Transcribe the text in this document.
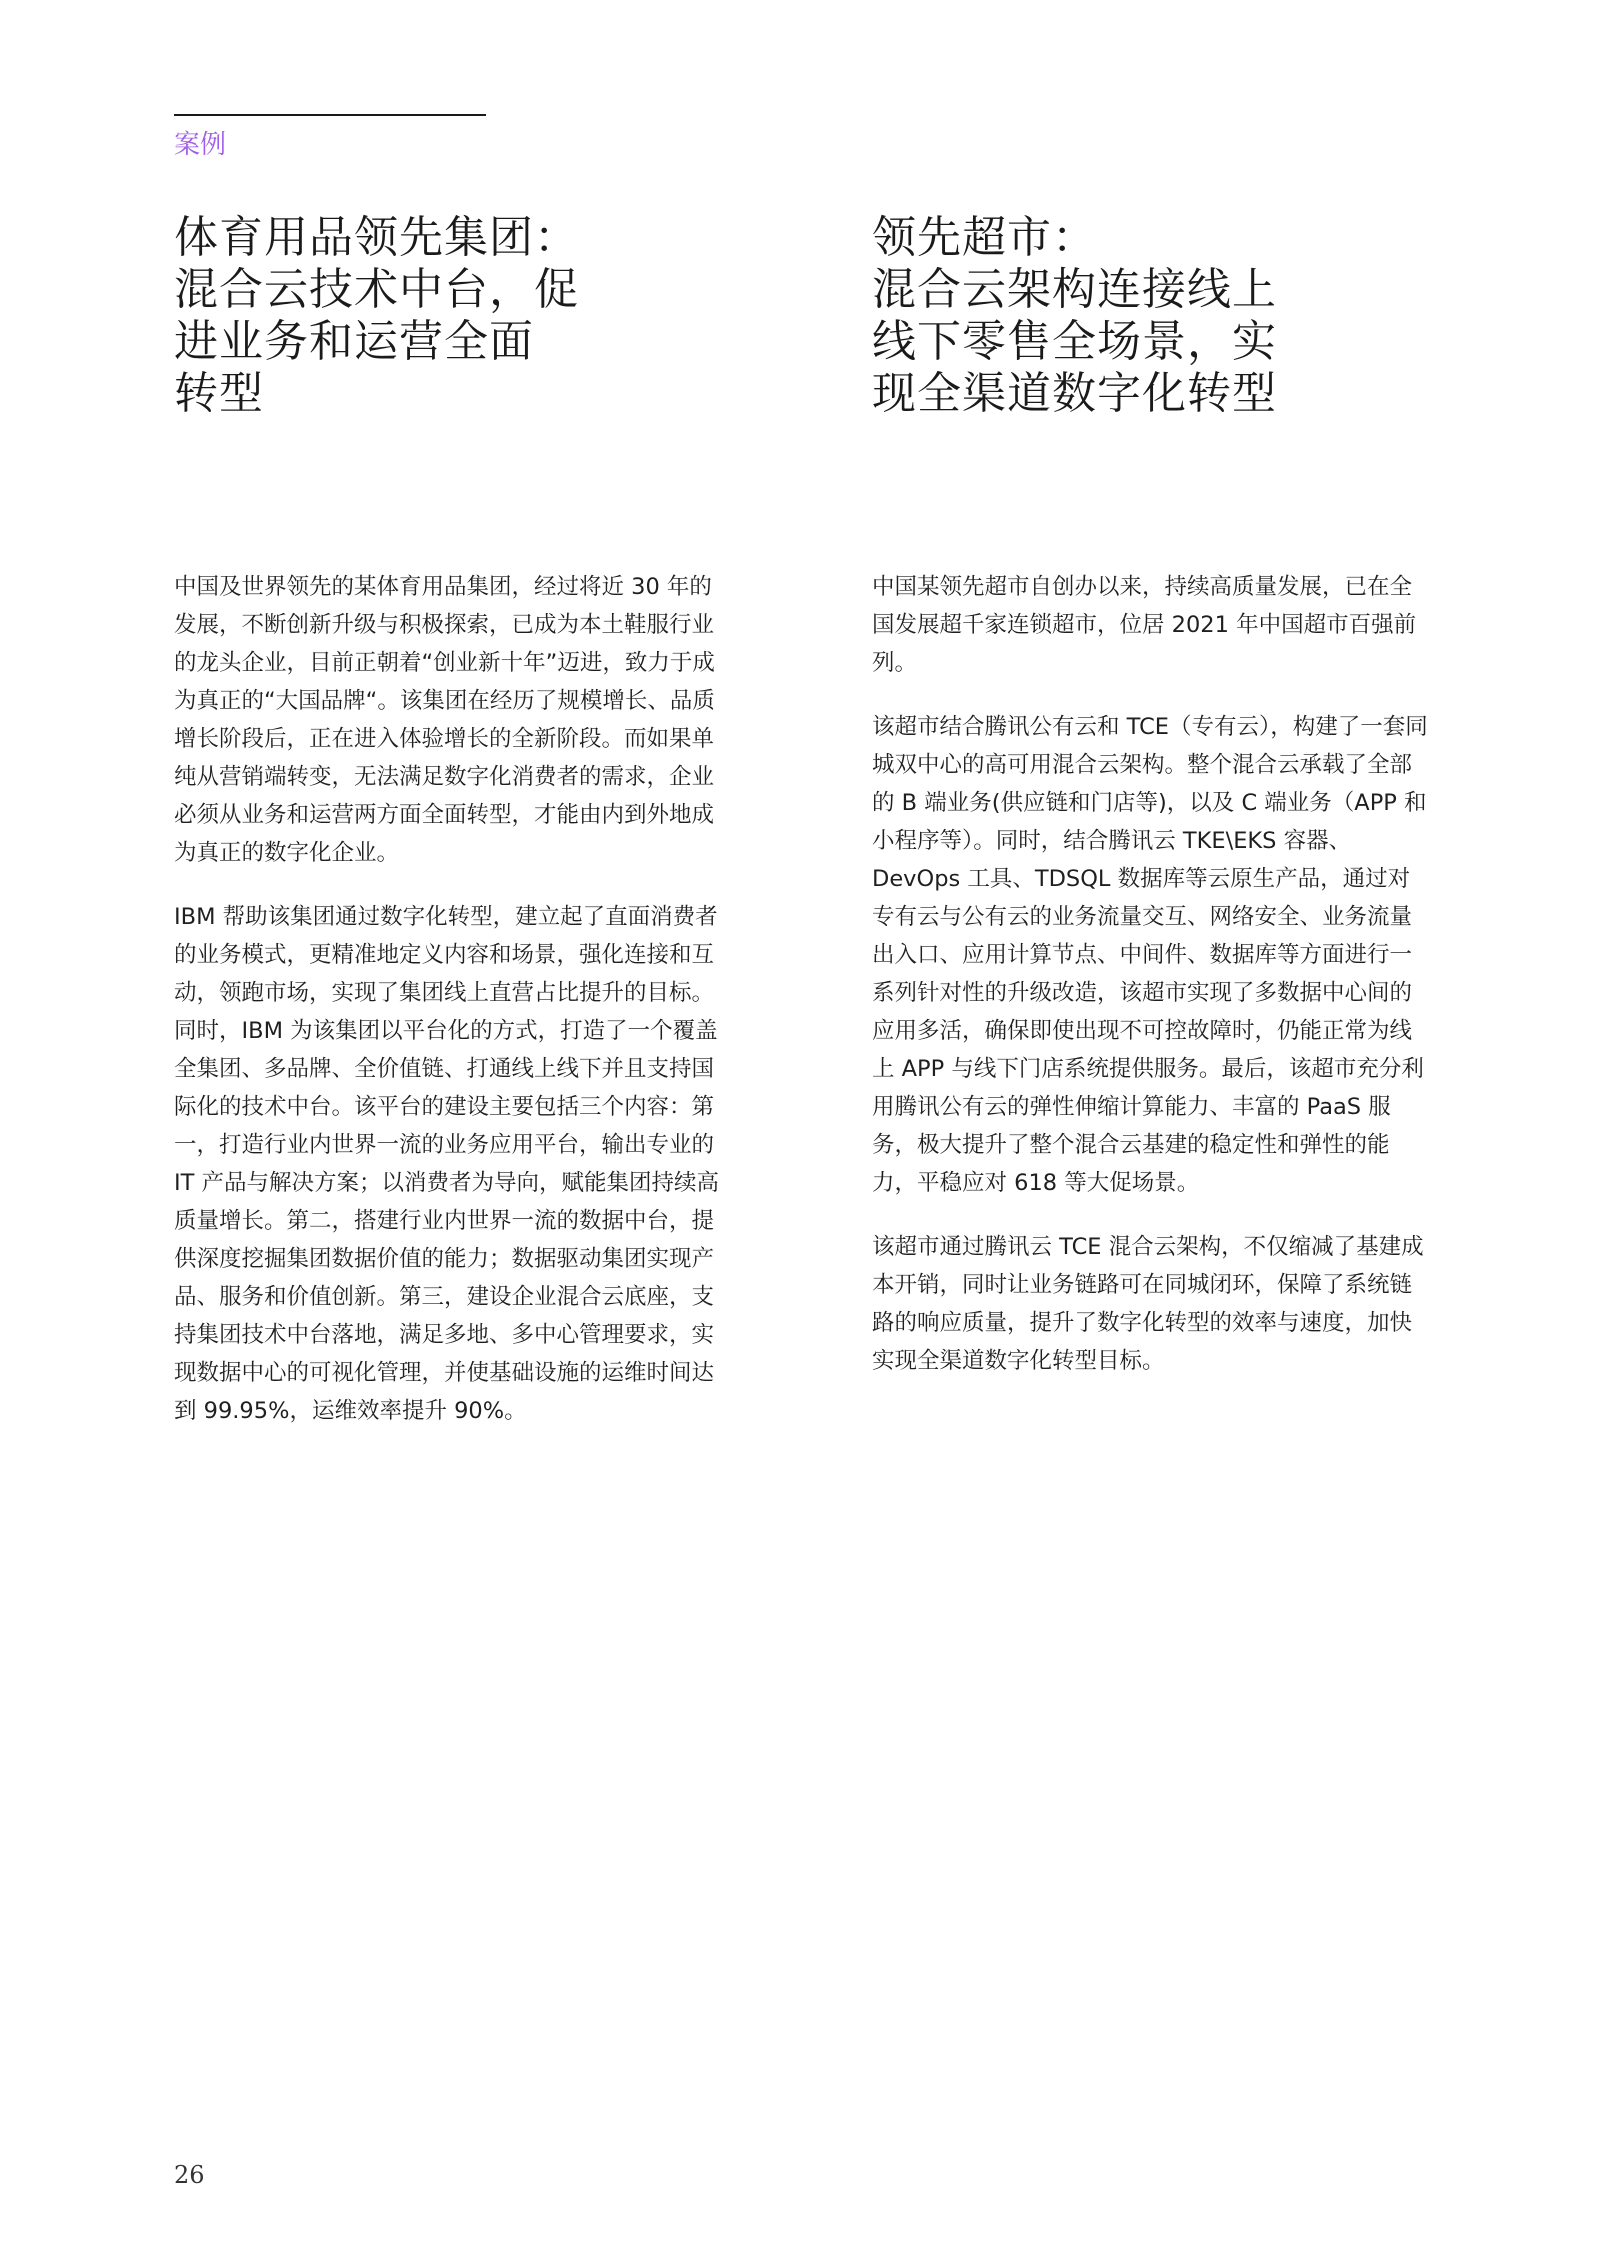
案例

体育用品领先集团：
混合云技术中台，促
进业务和运营全面
转型

中国及世界领先的某体育用品集团，经过将近 30 年的发展，不断创新升级与积极探索，已成为本土鞋服行业的龙头企业，目前正朝着“创业新十年”迈进，致力于成为真正的“大国品牌“。该集团在经历了规模增长、品质增长阶段后，正在进入体验增长的全新阶段。而如果单纯从营销端转变，无法满足数字化消费者的需求，企业必须从业务和运营两方面全面转型，才能由内到外地成为真正的数字化企业。

IBM 帮助该集团通过数字化转型，建立起了直面消费者的业务模式，更精准地定义内容和场景，强化连接和互动，领跑市场，实现了集团线上直营占比提升的目标。同时，IBM 为该集团以平台化的方式，打造了一个覆盖全集团、多品牌、全价值链、打通线上线下并且支持国际化的技术中台。该平台的建设主要包括三个内容：第一，打造行业内世界一流的业务应用平台，输出专业的 IT 产品与解决方案；以消费者为导向，赋能集团持续高质量增长。第二，搭建行业内世界一流的数据中台，提供深度挖掘集团数据价值的能力；数据驱动集团实现产品、服务和价值创新。第三，建设企业混合云底座，支持集团技术中台落地，满足多地、多中心管理要求，实现数据中心的可视化管理，并使基础设施的运维时间达到 99.95%，运维效率提升 90%。

领先超市：
混合云架构连接线上
线下零售全场景，实
现全渠道数字化转型

中国某领先超市自创办以来，持续高质量发展，已在全国发展超千家连锁超市，位居 2021 年中国超市百强前列。

该超市结合腾讯公有云和 TCE（专有云），构建了一套同城双中心的高可用混合云架构。整个混合云承载了全部的 B 端业务(供应链和门店等)，以及 C 端业务（APP 和小程序等）。同时，结合腾讯云 TKE\EKS 容器、DevOps 工具、TDSQL 数据库等云原生产品，通过对专有云与公有云的业务流量交互、网络安全、业务流量出入口、应用计算节点、中间件、数据库等方面进行一系列针对性的升级改造，该超市实现了多数据中心间的应用多活，确保即使出现不可控故障时，仍能正常为线上 APP 与线下门店系统提供服务。最后，该超市充分利用腾讯公有云的弹性伸缩计算能力、丰富的 PaaS 服务，极大提升了整个混合云基建的稳定性和弹性的能力，平稳应对 618 等大促场景。

该超市通过腾讯云 TCE 混合云架构，不仅缩减了基建成本开销，同时让业务链路可在同城闭环，保障了系统链路的响应质量，提升了数字化转型的效率与速度，加快实现全渠道数字化转型目标。

26
